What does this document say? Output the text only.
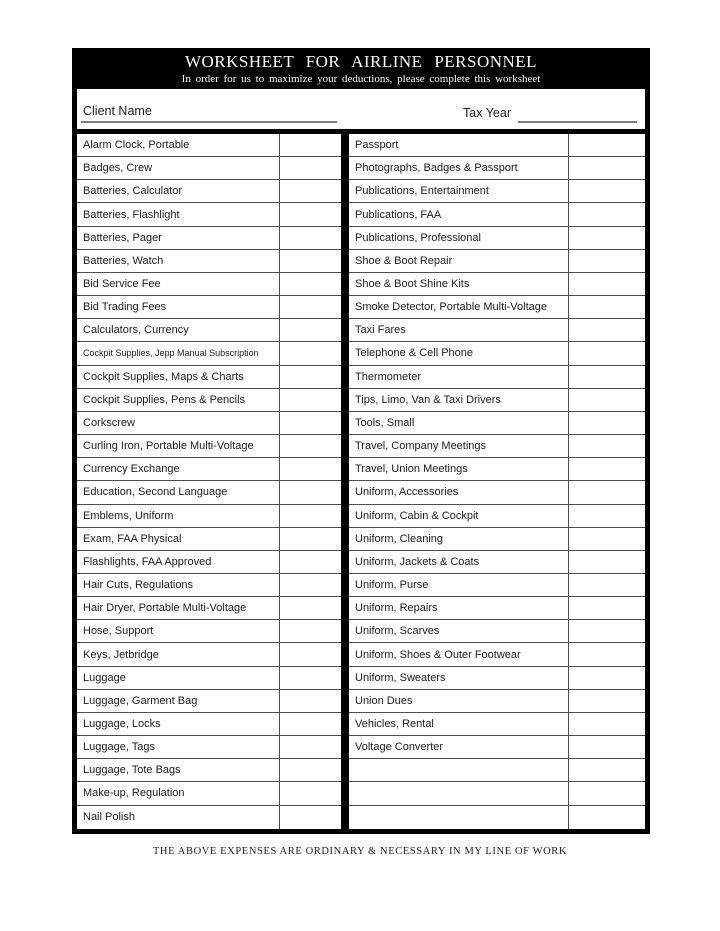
WORKSHEET FOR AIRLINE PERSONNEL
In order for us to maximize your deductions, please complete this worksheet
Client Name	Tax Year
Alarm Clock, Portable
Badges, Crew
Batteries, Calculator
Batteries, Flashlight
Batteries, Pager
Batteries, Watch
Bid Service Fee
Bid Trading Fees
Calculators, Currency
Cockpit Supplies, Jepp Manual Subscription
Cockpit Supplies, Maps & Charts
Cockpit Supplies, Pens & Pencils
Corkscrew
Curling Iron, Portable Multi-Voltage
Currency Exchange
Education, Second Language
Emblems, Uniform
Exam, FAA Physical
Flashlights, FAA Approved
Hair Cuts, Regulations
Hair Dryer, Portable Multi-Voltage
Hose, Support
Keys, Jetbridge
Luggage
Luggage, Garment Bag
Luggage, Locks
Luggage, Tags
Luggage, Tote Bags
Make-up, Regulation
Nail Polish
Passport
Photographs, Badges & Passport
Publications, Entertainment
Publications, FAA
Publications, Professional
Shoe & Boot Repair
Shoe & Boot Shine Kits
Smoke Detector, Portable Multi-Voltage
Taxi Fares
Telephone & Cell Phone
Thermometer
Tips, Limo, Van & Taxi Drivers
Tools, Small
Travel, Company Meetings
Travel, Union Meetings
Uniform, Accessories
Uniform, Cabin & Cockpit
Uniform, Cleaning
Uniform, Jackets & Coats
Uniform, Purse
Uniform, Repairs
Uniform, Scarves
Uniform, Shoes & Outer Footwear
Uniform, Sweaters
Union Dues
Vehicles, Rental
Voltage Converter
THE ABOVE EXPENSES ARE ORDINARY & NECESSARY IN MY LINE OF WORK
